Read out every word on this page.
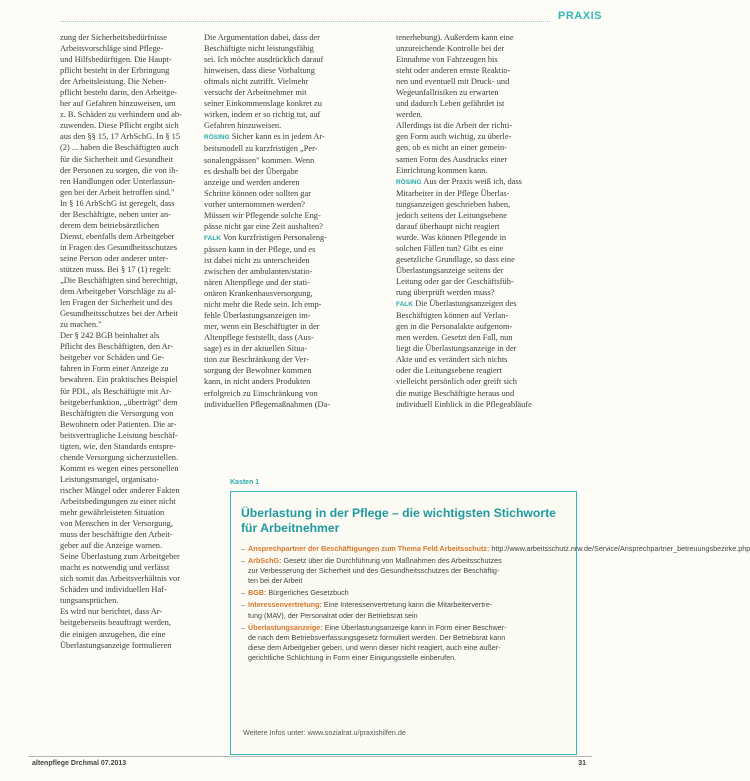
PRAXIS

zung der Sicherheitsbedürfnisse

Arbeitsvorschläge sind Pflege-

und Hilfsbedürftigen. Die Haupt-

pflicht besteht in der Erbringung

der Arbeitsleistung. Die Neben-

pflicht besteht darin, den Arbeitge-

ber auf Gefahren hinzuweisen, um

z. B. Schäden zu verhindern und ab-

zuwenden. Diese Pflicht ergibt sich

aus den §§ 15, 17 ArbSchG. In § 15

(2) ... haben die Beschäftigten auch

für die Sicherheit und Gesundheit

der Personen zu sorgen, die von ih-

ren Handlungen oder Unterlassun-

gen bei der Arbeit betroffen sind."

In § 16 ArbSchG ist geregelt, dass

der Beschäftigte, neben unter an-

derem dem betriebsärztlichen

Dienst, ebenfalls dem Arbeitgeber

in Fragen des Gesundheitsschutzes

seine Person oder anderer unter-

stützen muss. Bei § 17 (1) regelt:

„Die Beschäftigten sind berechtigt,

dem Arbeitgeber Vorschläge zu al-

len Fragen der Sicherheit und des

Gesundheitsschutzes bei der Arbeit

zu machen."

Der § 242 BGB beinhaltet als

Pflicht des Beschäftigten, den Ar-

beitgeber vor Schäden und Ge-

fahren in Form einer Anzeige zu

bewahren. Ein praktisches Beispiel

für PDL, als Beschäftigte mit Ar-

beitgeberfunktion, „überträgt" dem

Beschäftigten die Versorgung von

Bewohnern oder Patienten. Die ar-

beitsvertragliche Leistung beschäf-

tigten, wie, den Standards entspre-

chende Versorgung sicherzustellen.

Kommt es wegen eines personellen

Leistungsmangel, organisato-

rischer Mängel oder anderer Fakten

Arbeitsbedingungen zu einer nicht

mehr gewährleisteten Situation

von Menschen in der Versorgung,

muss der beschäftigte den Arbeit-

geber auf die Anzeige warnen.

Seine Überlastung zum Arbeitgeber

macht es notwendig und verlässt

sich somit das Arbeitsverhältnis vor

Schäden und individuellen Haf-

tungsansprüchen.

Es wird nur berichtet, dass Ar-

beitgeberseits beauftragt werden,

die einigen anzugehen, die eine

Überlastungsanzeige formulieren

Die Argumentation dabei, dass der

Beschäftigte nicht leistungsfähig

sei. Ich möchte ausdrücklich darauf

hinweisen, dass diese Vorhaltung

oftmals nicht zutrifft. Vielmehr

versucht der Arbeitnehmer mit

seiner Einkommenslage konkret zu

wirken, indem er so richtig tut, auf

Gefahren hinzuweisen.

RÖSING Sicher kann es in jedem Ar-

beitsmodell zu kurzfristigen „Per-

sonalengpässen" kommen. Wenn

es deshalb bei der Übergabe

anzeige und werden anderen

Schritte können oder sollten gar

vorher unternommen werden?

Müssen wir Pflegende solche Eng-

pässe nicht gar eine Zeit aushalten?

FALK Von kurzfristigen Personaleng-

pässen kann in der Pflege, und es

ist dabei nicht zu unterscheiden

zwischen der ambulanten/statio-

nären Altenpflege und der stati-

onären Krankenhausversorgung,

nicht mehr die Rede sein. Ich emp-

fehle Überlastungsanzeigen im-

mer, wenn ein Beschäftigter in der

Altenpflege feststellt, dass (Aus-

sage) es in der aktuellen Situa-

tion zur Beschränkung der Ver-

sorgung der Bewohner kommen

kann, in nicht anders Produkten

erfolgreich zu Einschränkung von

individuellen Pflegemaßnahmen (Da-

tenerhebung). Außerdem kann eine

unzureichende Kontrolle bei der

Einnahme von Fahrzeugen bis

steht oder anderen ernste Reaktio-

nen und eventuell mit Druck- und

Wegeunfallrisiken zu erwarten

und dadurch Leben gefährdet ist

werden.

Allerdings ist die Arbeit der richti-

gen Form auch wichtig, zu überle-

gen, ob es nicht an einer gemein-

samen Form des Ausdrucks einer

Einrichtung kommen kann.

RÖSING Aus der Praxis weiß ich, dass

Mitarbeiter in der Pflege Überlas-

tungsanzeigen geschrieben haben,

jedoch seitens der Leitungsebene

darauf überhaupt nicht reagiert

wurde. Was können Pflegende in

solchen Fällen tun? Gibt es eine

gesetzliche Grundlage, so dass eine

Überlastungsanzeige seitens der

Leitung oder gar der Geschäftsfüh-

rung überprüft werden muss?

FALK Die Überlastungsanzeigen des

Beschäftigten können auf Verlan-

gen in die Personalakte aufgenom-

men werden. Gesetzt den Fall, nun

liegt die Überlastungsanzeige in der

Akte und es verändert sich nichts

oder die Leitungsebene reagiert

vielleicht persönlich oder greift sich

die mutige Beschäftigte heraus und

individuell Einblick in die Pflegeabläufe

Kasten 1

Überlastung in der Pflege – die wichtigsten Stichworte

für Arbeitnehmer

– Ansprechpartner der Beschäftigungen zum Thema Feld Arbeitsschutz: http://www.arbeitsschutz.nrw.de/Service/Ansprechpartner_betreuungsbezirke.php

– ArbSchG: Gesetz über die Durchführung von Maßnahmen des Arbeitsschutzes

zur Verbesserung der Sicherheit und des Gesundheitsschutzes der Beschäftig-

ten bei der Arbeit

– BGB: Bürgerliches Gesetzbuch

– Interessenvertretung: Eine Interessenvertretung kann die Mitarbeitervertre-

tung (MAV), der Personalrat oder der Betriebsrat sein

– Überlastungsanzeige: Eine Überlastungsanzeige kann in Form einer Beschwer-

de nach dem Betriebsverfassungsgesetz formuliert werden. Der Betriebsrat kann

diese dem Arbeitgeber geben, und wenn dieser nicht reagiert, auch eine außer-

gerichtliche Schlichtung in Form einer Einigungsstelle einberufen.

Weitere Infos unter: www.sozialrat.u/praxishilfen.de
altenpflege Drchmal 07.2013	31
